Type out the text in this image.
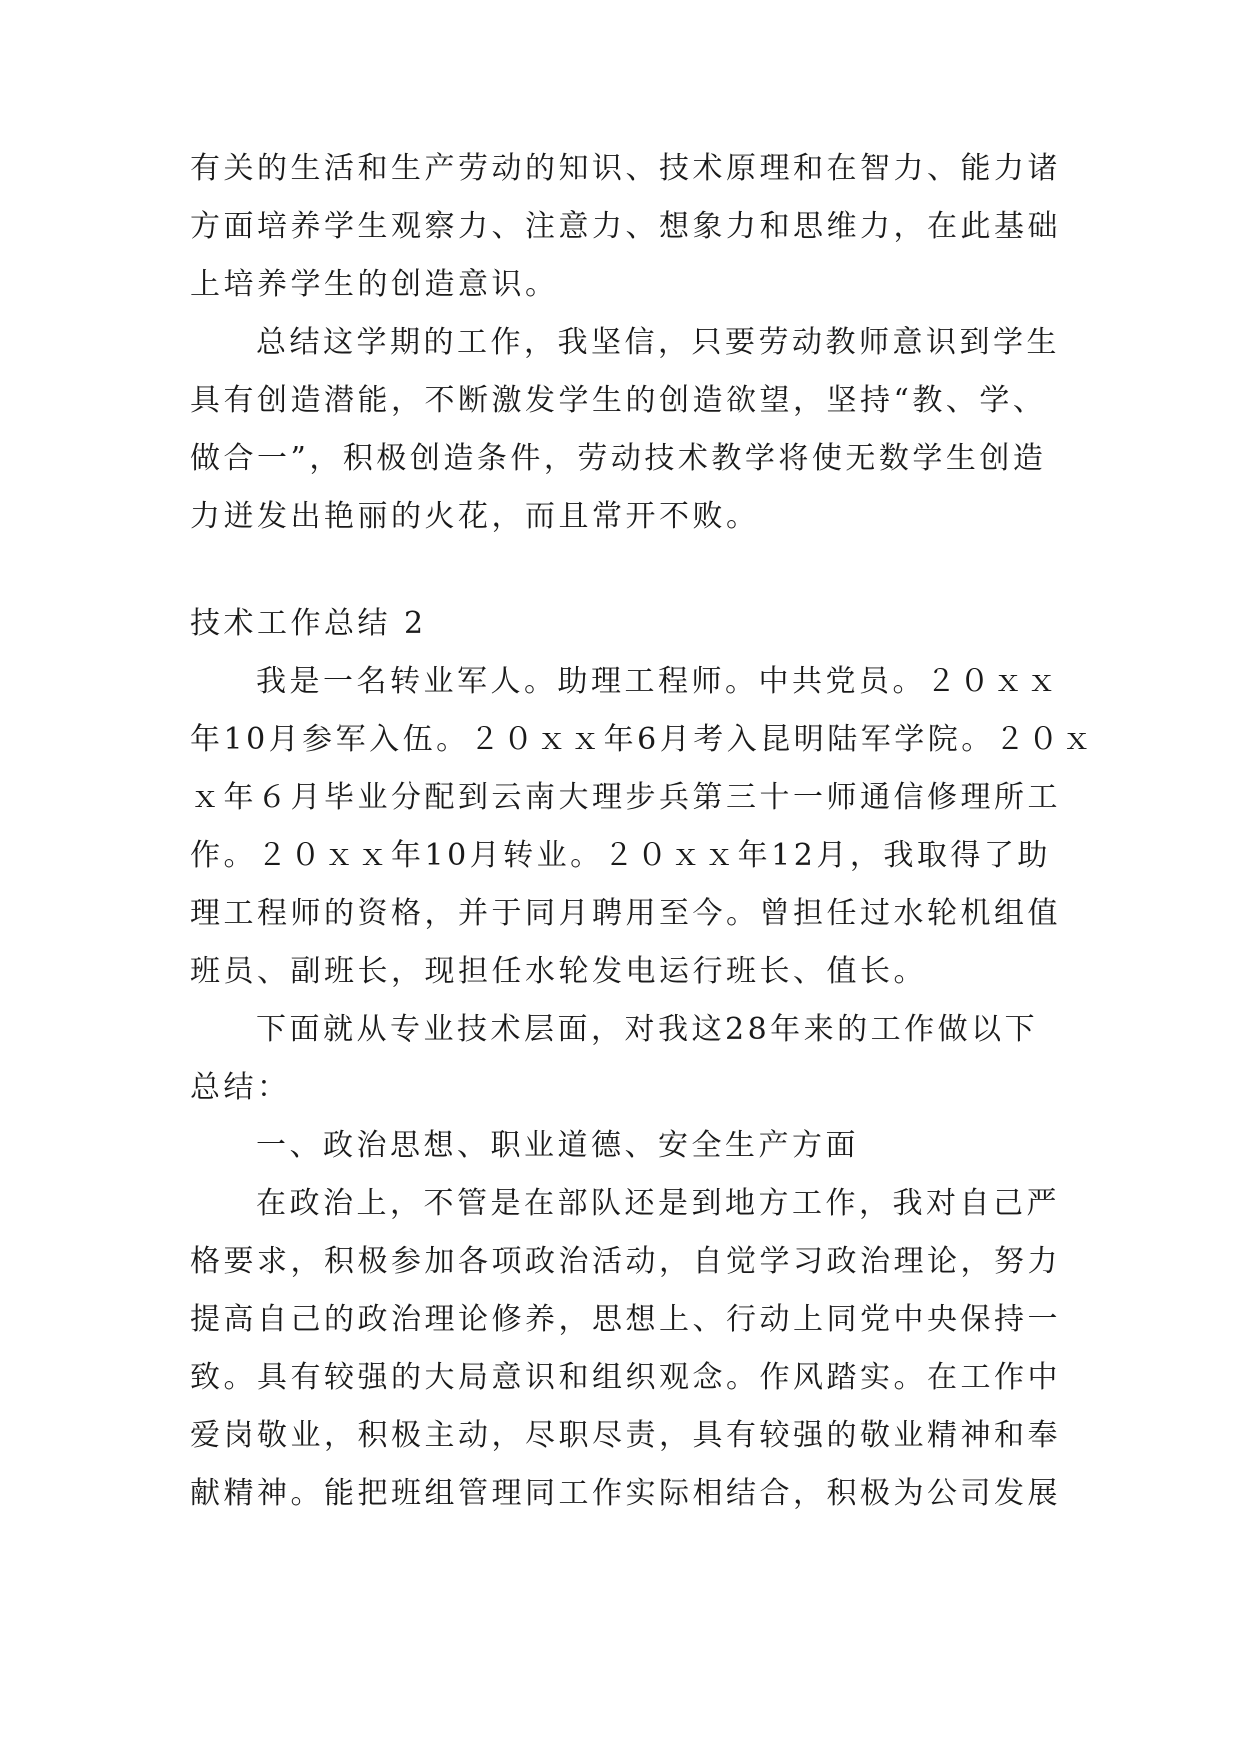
有关的生活和生产劳动的知识、技术原理和在智力、能力诸
方面培养学生观察力、注意力、想象力和思维力，在此基础
上培养学生的创造意识。
总结这学期的工作，我坚信，只要劳动教师意识到学生
具有创造潜能，不断激发学生的创造欲望，坚持“教、学、
做合一”，积极创造条件，劳动技术教学将使无数学生创造
力迸发出艳丽的火花，而且常开不败。
技术工作总结 2
我是一名转业军人。助理工程师。中共党员。２０ｘｘ
年10月参军入伍。２０ｘｘ年6月考入昆明陆军学院。２０ｘ
ｘ年６月毕业分配到云南大理步兵第三十一师通信修理所工
作。２０ｘｘ年10月转业。２０ｘｘ年12月，我取得了助
理工程师的资格，并于同月聘用至今。曾担任过水轮机组值
班员、副班长，现担任水轮发电运行班长、值长。
下面就从专业技术层面，对我这28年来的工作做以下
总结：
一、政治思想、职业道德、安全生产方面
在政治上，不管是在部队还是到地方工作，我对自己严
格要求，积极参加各项政治活动，自觉学习政治理论，努力
提高自己的政治理论修养，思想上、行动上同党中央保持一
致。具有较强的大局意识和组织观念。作风踏实。在工作中
爱岗敬业，积极主动，尽职尽责，具有较强的敬业精神和奉
献精神。能把班组管理同工作实际相结合，积极为公司发展
